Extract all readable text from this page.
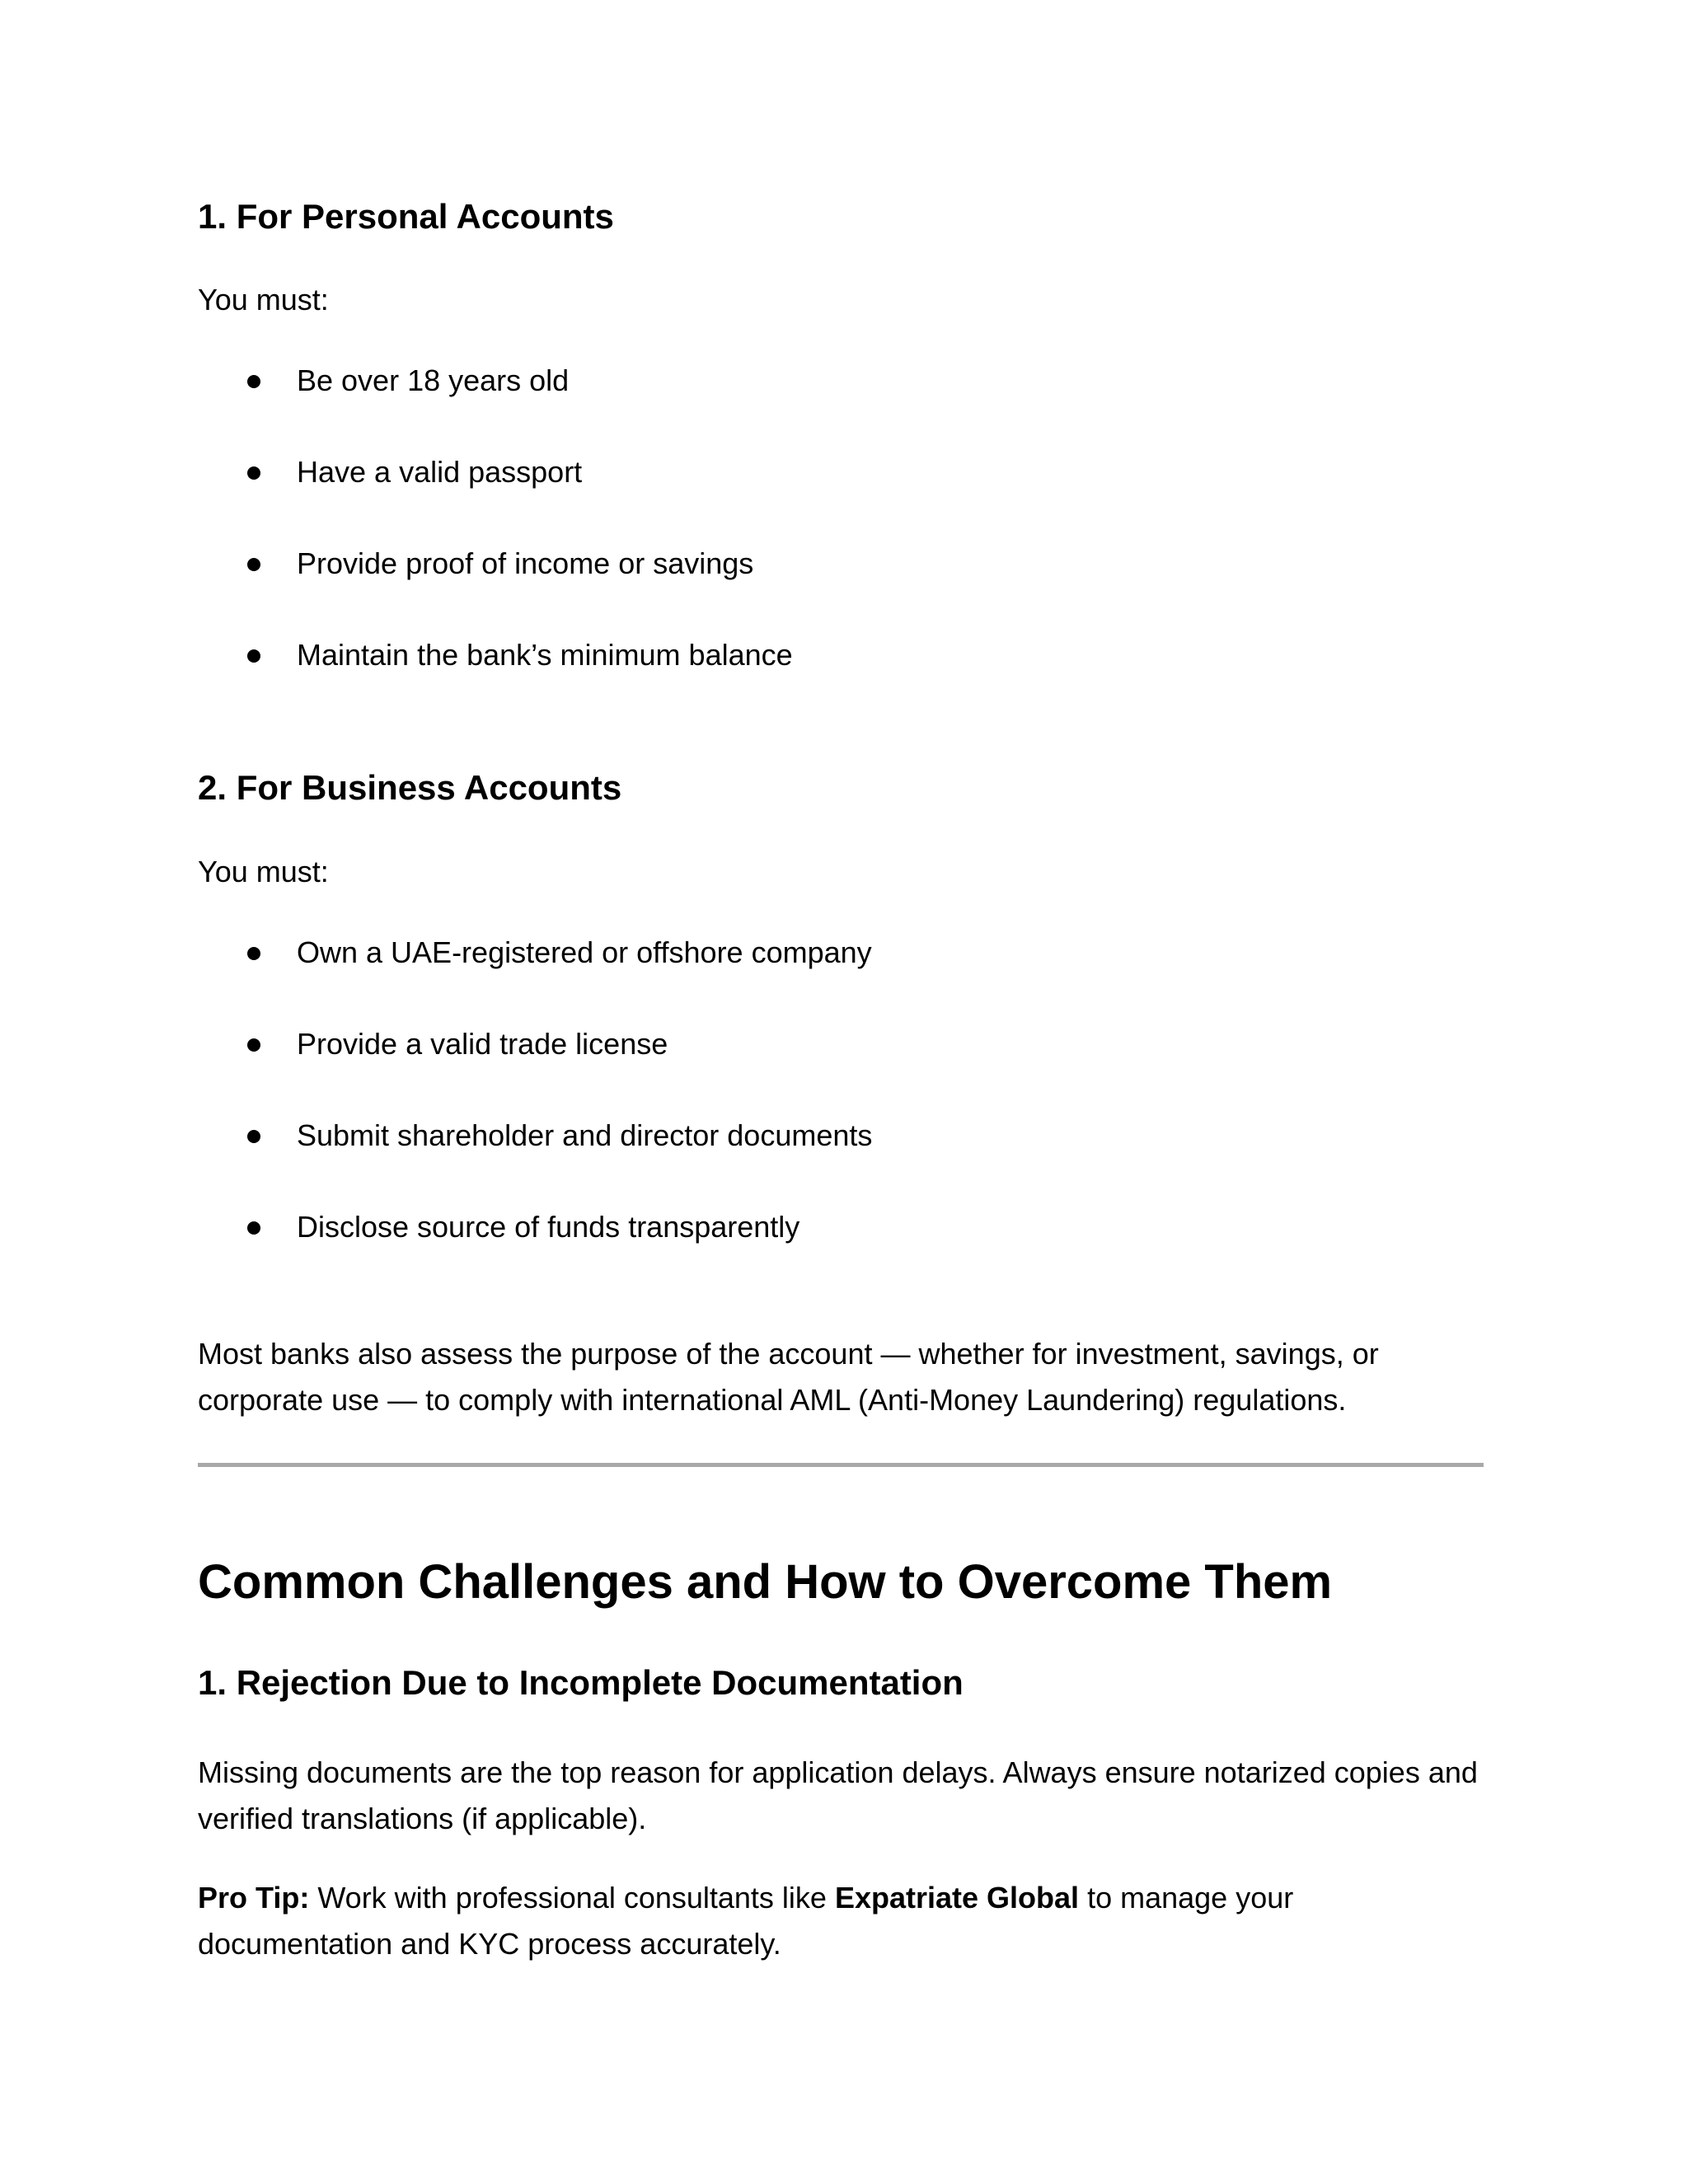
1. For Personal Accounts

You must:

Be over 18 years old
Have a valid passport
Provide proof of income or savings
Maintain the bank’s minimum balance
2. For Business Accounts

You must:

Own a UAE-registered or offshore company
Provide a valid trade license
Submit shareholder and director documents
Disclose source of funds transparently

Most banks also assess the purpose of the account — whether for investment, savings, or corporate use — to comply with international AML (Anti-Money Laundering) regulations.

Common Challenges and How to Overcome Them
1. Rejection Due to Incomplete Documentation

Missing documents are the top reason for application delays. Always ensure notarized copies and verified translations (if applicable).

Pro Tip: Work with professional consultants like Expatriate Global to manage your documentation and KYC process accurately.
